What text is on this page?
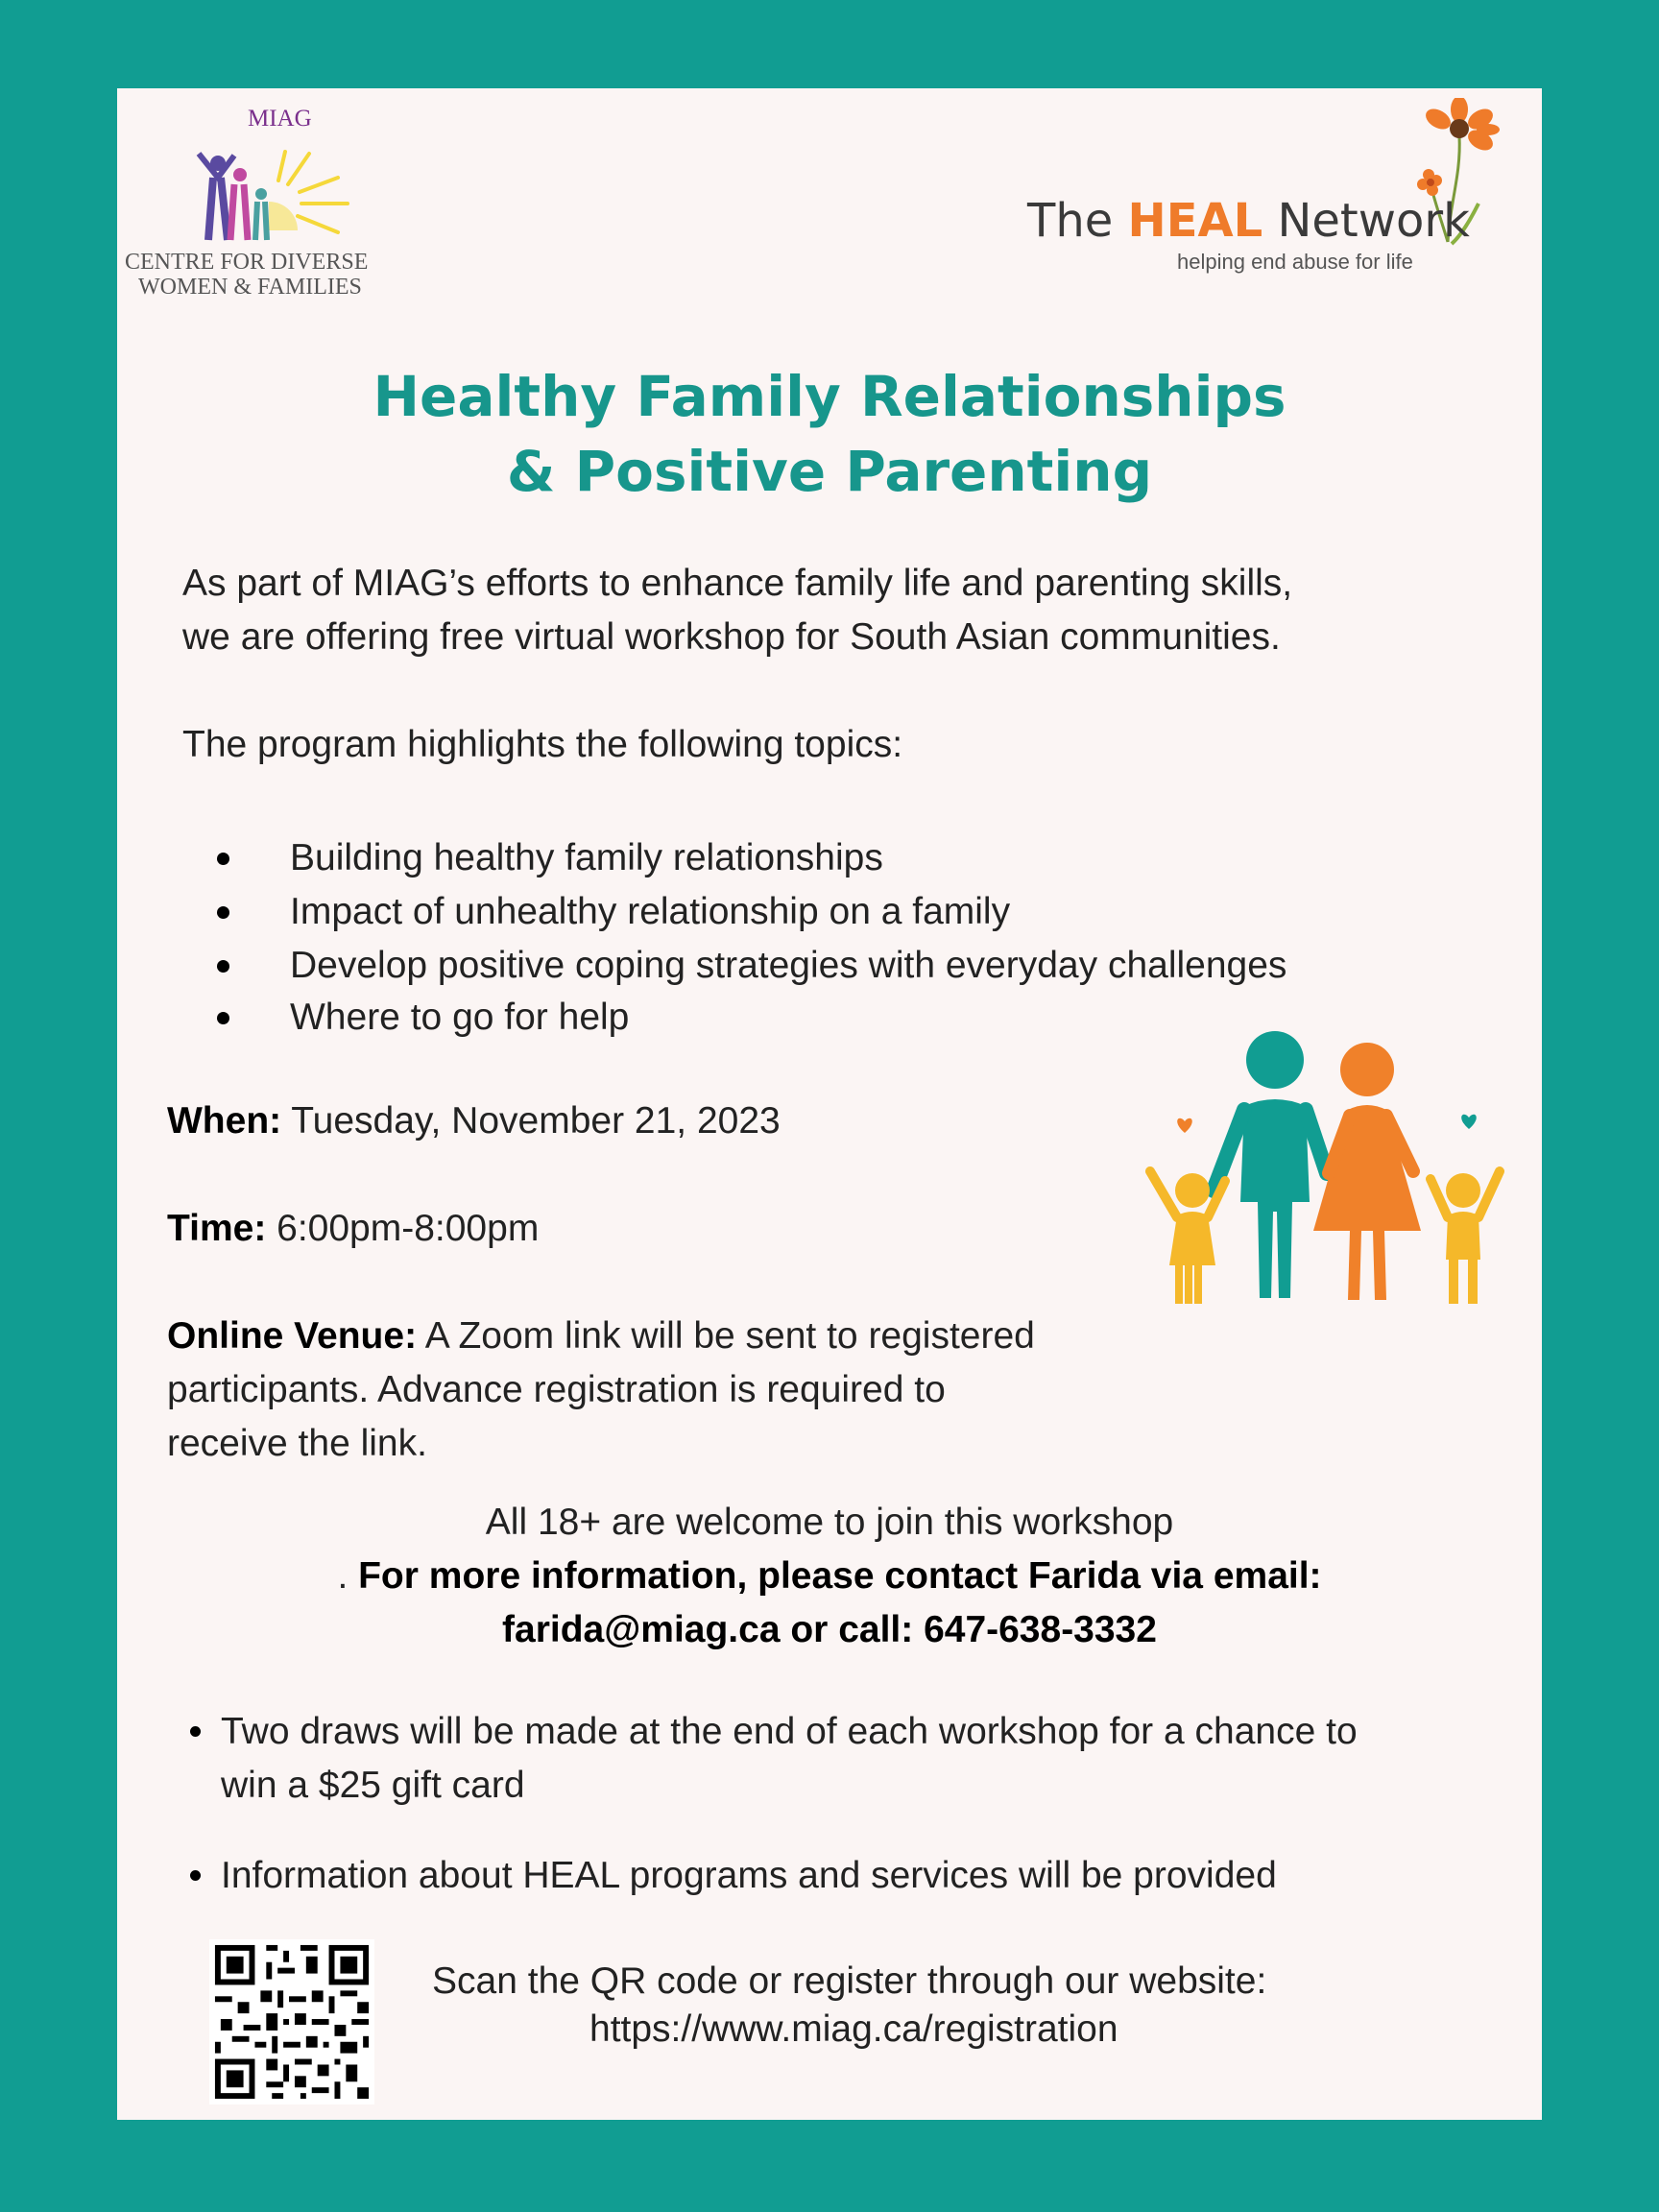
MIAG
CENTRE FOR DIVERSE
WOMEN & FAMILIES
The HEAL Network
helping end abuse for life
Healthy Family Relationships
& Positive Parenting
As part of MIAG’s efforts to enhance family life and parenting skills,
we are offering free virtual workshop for South Asian communities.
The program highlights the following topics:
Building healthy family relationships
Impact of unhealthy relationship on a family
Develop positive coping strategies with everyday challenges
Where to go for help
When: Tuesday, November 21, 2023
Time: 6:00pm-8:00pm
Online Venue: A Zoom link will be sent to registered
participants. Advance registration is required to
receive the link.
All 18+ are welcome to join this workshop
. For more information, please contact Farida via email:
farida@miag.ca or call: 647-638-3332
Two draws will be made at the end of each workshop for a chance to
win a $25 gift card
Information about HEAL programs and services will be provided
Scan the QR code or register through our website:
https://www.miag.ca/registration
